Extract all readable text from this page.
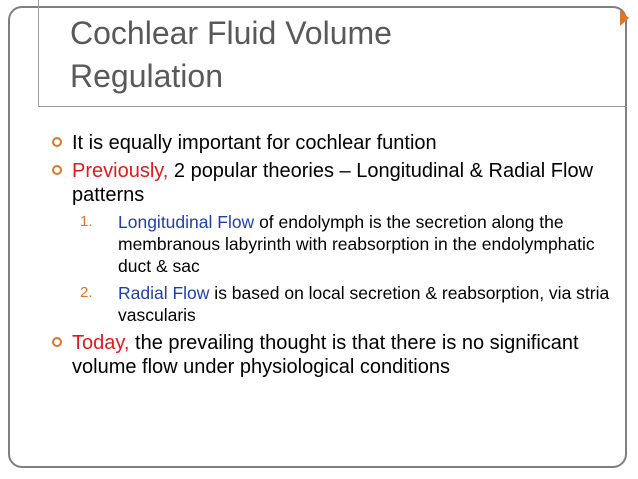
Cochlear Fluid Volume
Regulation

It is equally important for cochlear funtion

Previously, 2 popular theories – Longitudinal & Radial Flow patterns

1. Longitudinal Flow of endolymph is the secretion along the membranous labyrinth with reabsorption in the endolymphatic duct & sac

2. Radial Flow is based on local secretion & reabsorption, via stria vascularis

Today, the prevailing thought is that there is no significant volume flow under physiological conditions
